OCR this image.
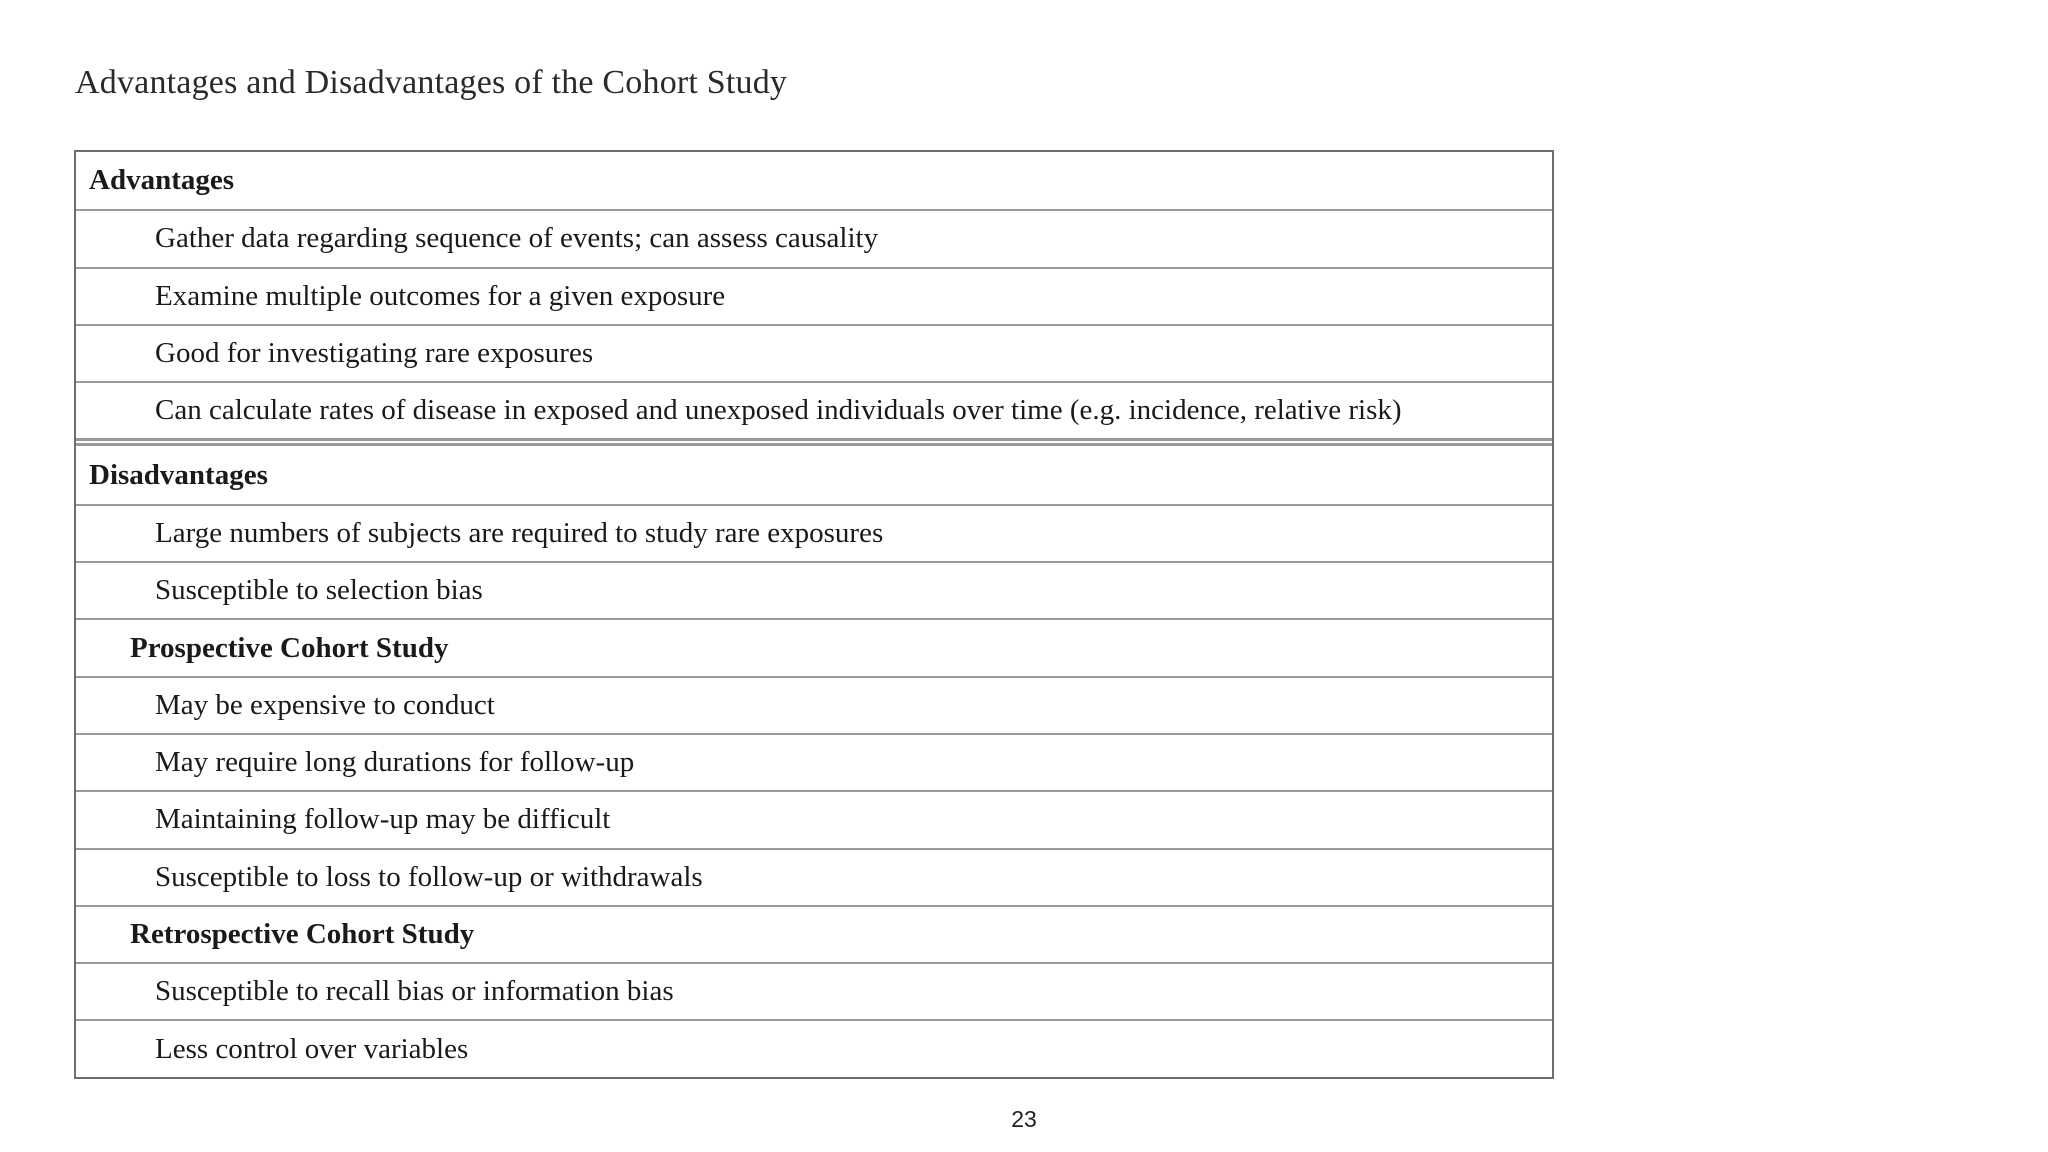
Advantages and Disadvantages of the Cohort Study
Advantages
Gather data regarding sequence of events; can assess causality
Examine multiple outcomes for a given exposure
Good for investigating rare exposures
Can calculate rates of disease in exposed and unexposed individuals over time (e.g. incidence, relative risk)
Disadvantages
Large numbers of subjects are required to study rare exposures
Susceptible to selection bias
Prospective Cohort Study
May be expensive to conduct
May require long durations for follow-up
Maintaining follow-up may be difficult
Susceptible to loss to follow-up or withdrawals
Retrospective Cohort Study
Susceptible to recall bias or information bias
Less control over variables
23
